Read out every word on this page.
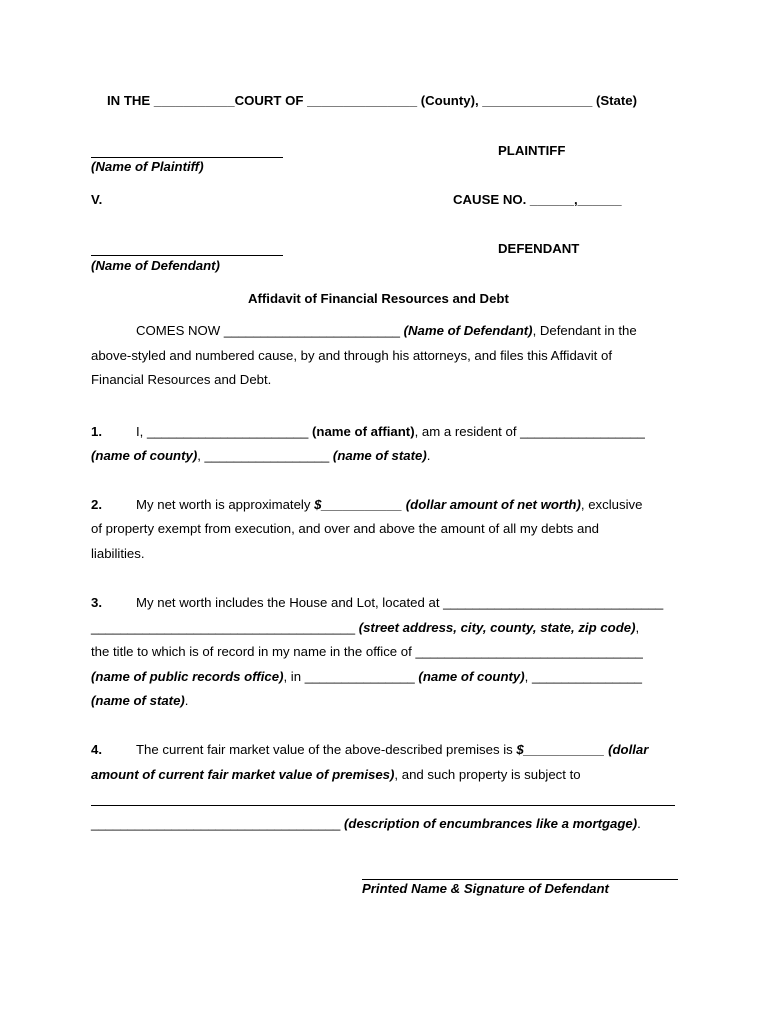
IN THE ___________COURT OF _______________ (County), _______________ (State)
(Name of Plaintiff)
PLAINTIFF
V.	CAUSE NO. ______,______
(Name of Defendant)
DEFENDANT
Affidavit of Financial Resources and Debt
COMES NOW ________________________ (Name of Defendant), Defendant in the
above-styled and numbered cause, by and through his attorneys, and files this Affidavit of
Financial Resources and Debt.
1.	I, ______________________ (name of affiant), am a resident of _________________
(name of county), _________________ (name of state).
2.	My net worth is approximately $___________ (dollar amount of net worth), exclusive
of property exempt from execution, and over and above the amount of all my debts and
liabilities.
3.	My net worth includes the House and Lot, located at ______________________________
____________________________________ (street address, city, county, state, zip code),
the title to which is of record in my name in the office of _______________________________
(name of public records office), in _______________ (name of county), _______________
(name of state).
4.	The current fair market value of the above-described premises is $___________ (dollar
amount of current fair market value of premises), and such property is subject to
__________________________________ (description of encumbrances like a mortgage).
Printed Name & Signature of Defendant
